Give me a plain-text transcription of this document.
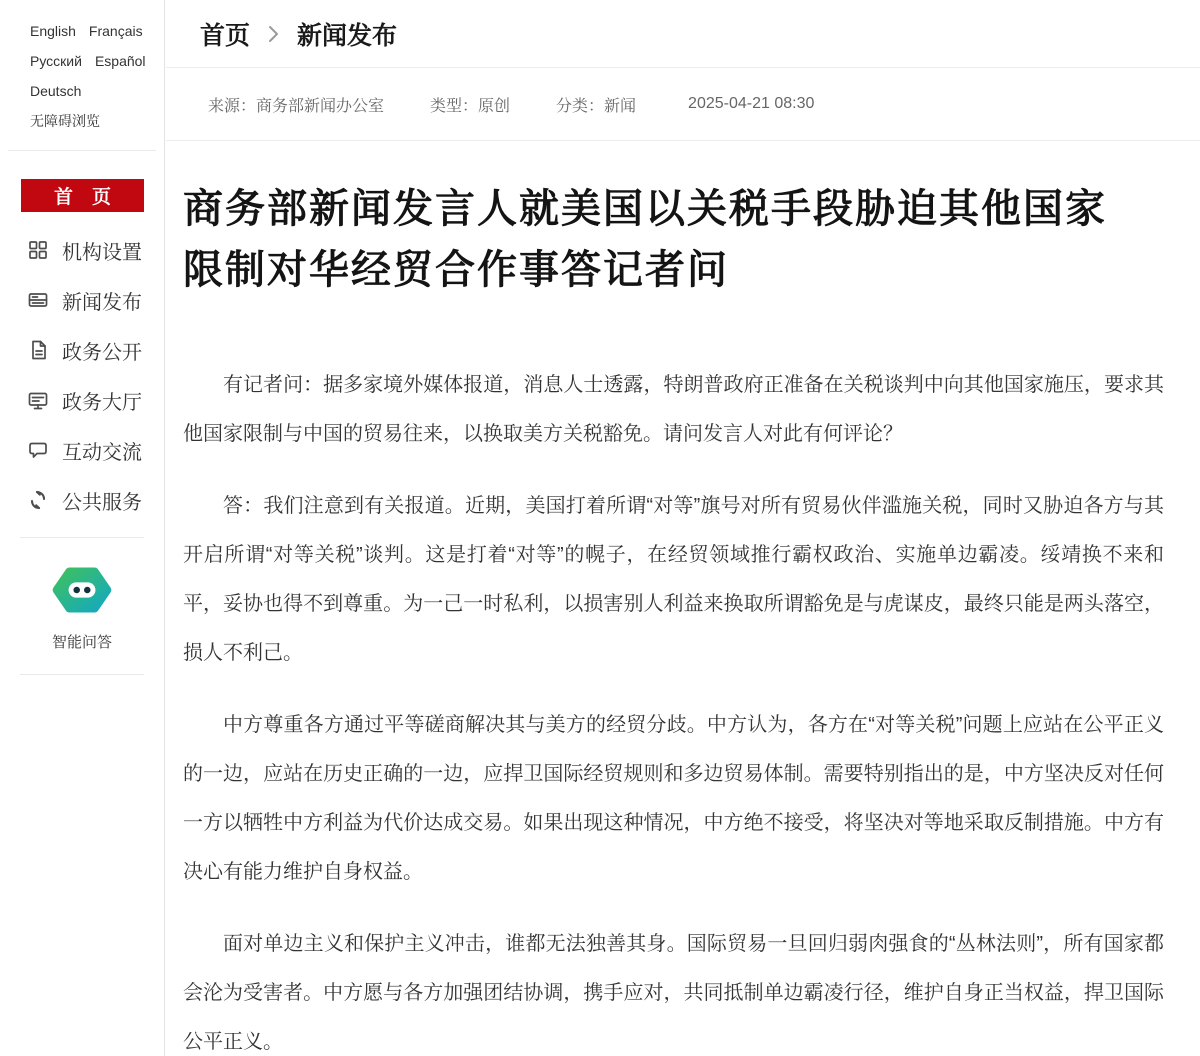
English Français
Русский Español
Deutsch
无障碍浏览
首　页
机构设置
新闻发布
政务公开
政务大厅
互动交流
公共服务
智能问答
首页 新闻发布
来源：商务部新闻办公室	类型：原创	分类：新闻	2025-04-21 08:30
商务部新闻发言人就美国以关税手段胁迫其他国家限制对华经贸合作事答记者问

有记者问：据多家境外媒体报道，消息人士透露，特朗普政府正准备在关税谈判中向其他国家施压，要求其他国家限制与中国的贸易往来，以换取美方关税豁免。请问发言人对此有何评论？

答：我们注意到有关报道。近期，美国打着所谓“对等”旗号对所有贸易伙伴滥施关税，同时又胁迫各方与其开启所谓“对等关税”谈判。这是打着“对等”的幌子，在经贸领域推行霸权政治、实施单边霸凌。绥靖换不来和平，妥协也得不到尊重。为一己一时私利，以损害别人利益来换取所谓豁免是与虎谋皮，最终只能是两头落空，损人不利己。

中方尊重各方通过平等磋商解决其与美方的经贸分歧。中方认为，各方在“对等关税”问题上应站在公平正义的一边，应站在历史正确的一边，应捍卫国际经贸规则和多边贸易体制。需要特别指出的是，中方坚决反对任何一方以牺牲中方利益为代价达成交易。如果出现这种情况，中方绝不接受，将坚决对等地采取反制措施。中方有决心有能力维护自身权益。

面对单边主义和保护主义冲击，谁都无法独善其身。国际贸易一旦回归弱肉强食的“丛林法则”，所有国家都会沦为受害者。中方愿与各方加强团结协调，携手应对，共同抵制单边霸凌行径，维护自身正当权益，捍卫国际公平正义。
